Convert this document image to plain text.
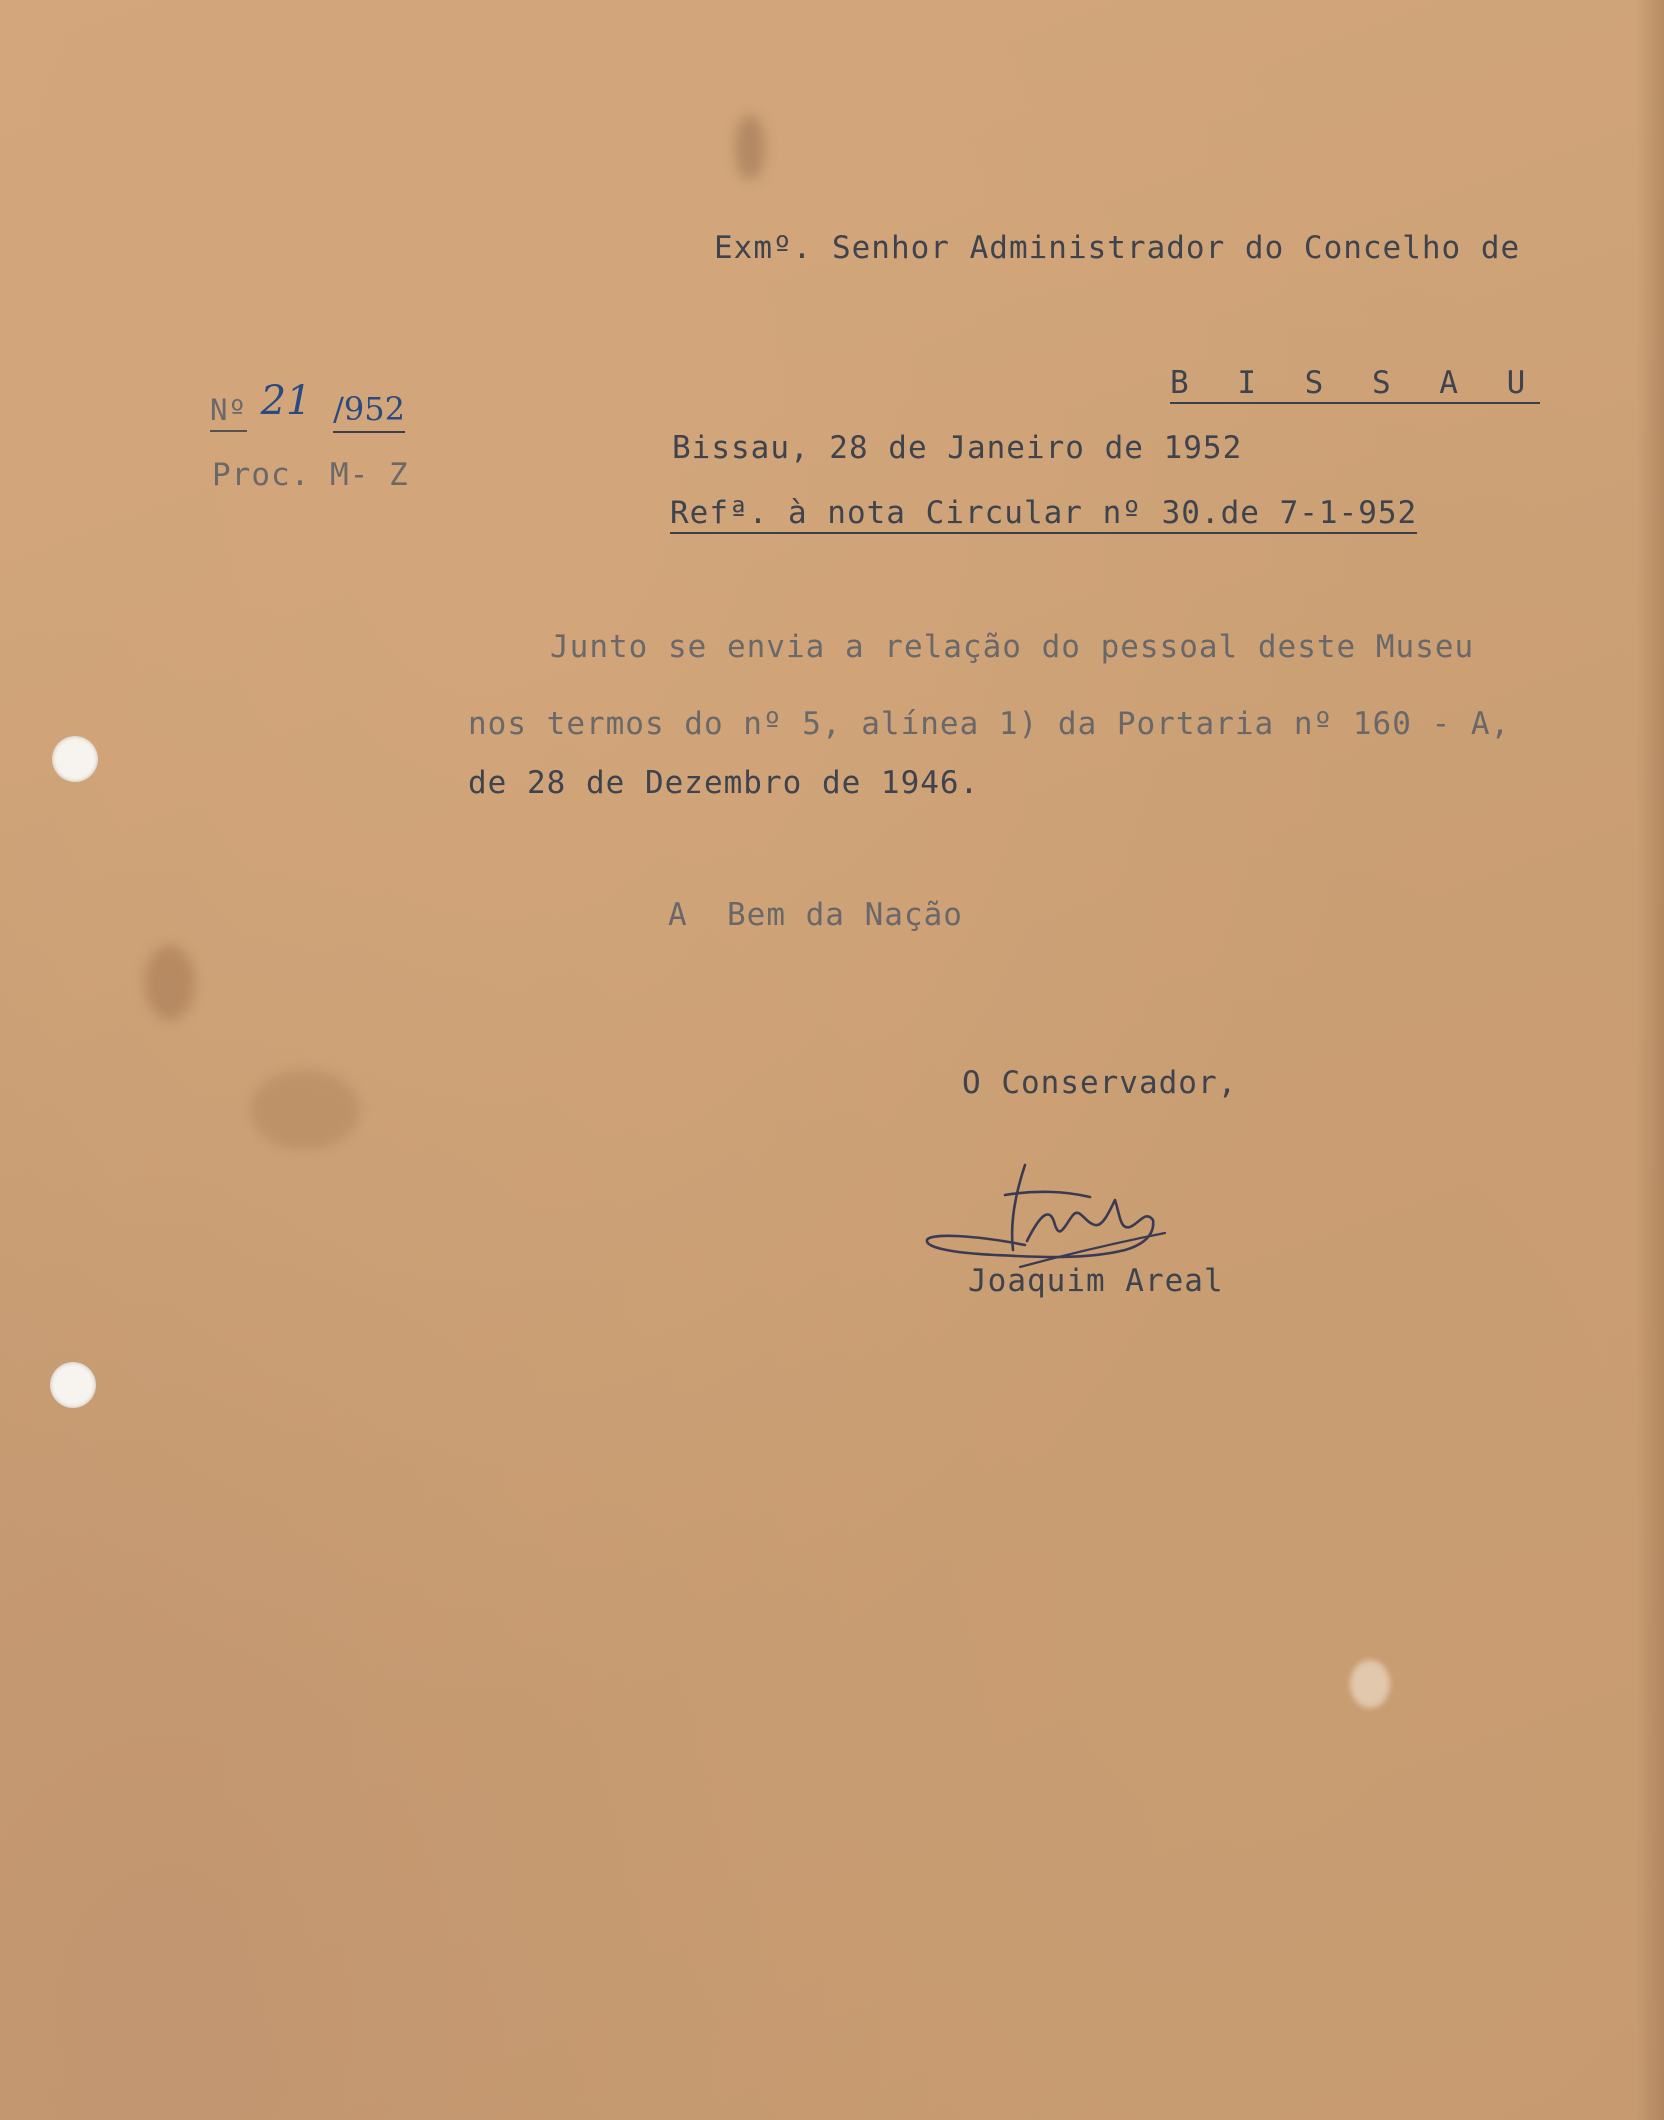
Exmº. Senhor Administrador do Concelho de
B I S S A U
Nº 21 /952
Proc. M- Z
Bissau, 28 de Janeiro de 1952
Refª. à nota Circular nº 30.de 7-1-952
Junto se envia a relação do pessoal deste Museu
nos termos do nº 5, alínea 1) da Portaria nº 160 - A,
de 28 de Dezembro de 1946.
A  Bem da Nação
O Conservador,
Joaquim Areal
